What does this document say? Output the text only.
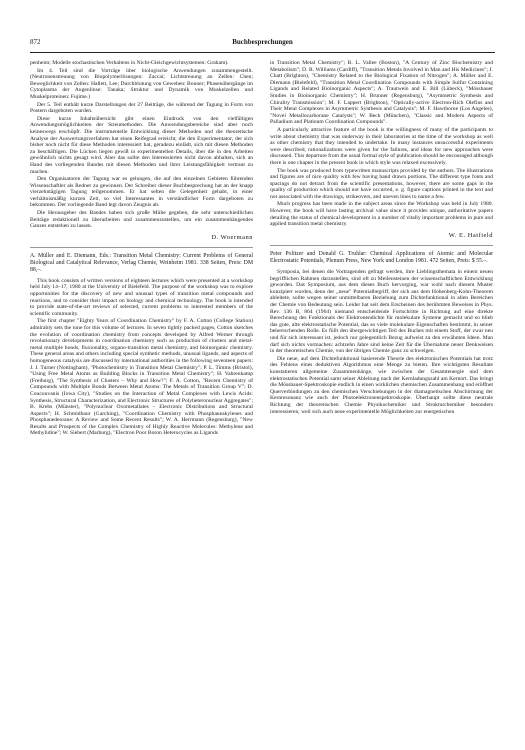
872	Buchbesprechungen

penheim; Modelle stochastischen Verhaltens in Nicht-Gleichgewichtsystemen: Graham).

Im 4. Teil sind die Vorträge über biologische Anwendungen zusammengestellt. (Neutronenstreuung von Biopolymerlösungen: Zaccai; Lichtstreuung an Zellen: Chen; Beweglichkeit von Zellen: Hallett, Lee; Durchblutung von Geweben: Bonner; Phasenübergänge im Cytoplasma der Augenlinse: Tanaka; Struktur und Dynamik von Muskelzellen und Muskelproteinen: Fujime.)

Der 5. Teil enthält kurze Darstellungen der 27 Beiträge, die während der Tagung in Form von Postern dargeboten wurden.

Diese kurze Inhaltsübersicht gibt einen Eindruck von den vielfältigen Anwendungsmöglichkeiten der Streumethoden. Die Anwendungsbereiche sind aber noch keineswegs erschöpft. Die instrumentelle Entwicklung dieser Methoden und die theoretische Analyse der Auswertungsverfahren hat einen Reifegrad erreicht, die den Experimentator, der sich bisher noch nicht für diese Methoden interessiert hat, geradezu einlädt, sich mit diesen Methoden zu beschäftigen. Die Lücken liegen gewiß in experimentellen Details, über die in den Arbeiten gewöhnlich nichts gesagt wird. Aber das sollte den Interessierten nicht davon abhalten, sich an Hand des vorliegenden Bandes mit diesen Methoden und ihrer Leistungsfähigkeit vertraut zu machen.

Den Organisatoren der Tagung war es gelungen, die auf den einzelnen Gebieten führenden Wissenschaftler als Redner zu gewinnen. Der Schreiber dieser Buchbesprechung hat an der knapp vierzehntägigen Tagung teilgenommen. Er hat selten die Gelegenheit gehabt, in einer verhältnismäßig kurzen Zeit, so viel Interessantes in verständlicher Form dargeboten zu bekommen. Der vorliegende Band legt davon Zeugnis ab.

Die Herausgeber des Bandes haben sich große Mühe gegeben, die sehr unterschiedlichen Beiträge redaktionell zu überarbeiten und zusammenzustellen, um ein zusammenhängendes Ganzes entstehen zu lassen.

D. Woermann
A. Müller and E. Diemann, Eds.: Transition Metal Chemistry: Current Problems of General Biological and Catalytical Relevance, Verlag Chemie, Weinheim 1981. 338 Seiten, Preis: DM 88,–.

This book consists of written versions of eighteen lectures which were presented at a workshop held July 14–17, 1980 at the University of Bielefeld. The purpose of the workshop was to explore opportunities for the discovery of new and unusual types of transition metal compounds and reactions, and to consider their impact on biology and chemical technology. The book is intended to provide state-of-the-art reviews of selected, current problems to interested members of the scientific community.

The first chapter "Eighty Years of Coordination Chemistry" by F. A. Cotton (College Station) admirably sets the tone for this volume of lectures. In seven tightly packed pages, Cotton sketches the evolution of coordination chemistry from concepts developed by Alfred Werner through revolutionary developments in coordination chemistry such as production of clusters and metal-metal multiple bonds, fluxionality, organo-transition metal chemistry, and bioinorganic chemistry. These general areas and others including special synthetic methods, unusual ligands, and aspects of homogeneous catalysis are discussed by international authorities in the following seventeen papers: J. J. Turner (Nottingham), "Photochemistry in Transition Metal Chemistry"; P. L. Timms (Bristol), "Using Free Metal Atoms as Building Blocks in Transition Metal Chemistry"; H. Vahrenkamp (Freiburg), "The Synthesis of Clusters – Why and How?"; F. A. Cotton, "Recent Chemistry of Compounds with Multiple Bonds Between Metal Atoms: The Metals of Transition Group V"; D. Coucouvanis (Iowa City), "Studies on the Interaction of Metal Complexes with Lewis Acids: Synthesis, Structural Characterization, and Electronic Structures of Polyheteronuclear Aggregates"; B. Krebs (Münster), "Polynuclear Oxometallates – Electronic Distributions and Structural Aspects"; H. Schmidbaur (Garching), "Coordination Chemistry with Phosphaneakylenes and Phosphanedeorane: A Review and Some Recent Results"; W. A. Herrmann (Regensburg), "New Results and Prospects of the Complex Chemistry of Highly Reactive Molecules: Methylene and Methylidine"; W. Siebert (Marburg), "Electron Poor Boron Heterocycles as Ligands

in Transition Metal Chemistry"; B. L. Vallee (Boston), "A Century of Zinc Biochemistry and Metabolism"; D. R. Williams (Cardiff), "Transition Metals Involved in Man and His Medicines"; J. Chatt (Brighton), "Chemistry Related to the Biological Fixation of Nitrogen"; A. Müller and E. Diemann (Bielefeld), "Transition Metal Coordination Compounds with Simple Sulfur Containing Ligands and Related Bioinorganic Aspects"; A. Trautwein and E. Bill (Lübeck), "Mössbauer Studies in Bioinorganic Chemistry"; H. Brunner (Regensburg), "Asymmetric Synthesis and Chirality Transmission"; M. F. Lappert (Brighton), "Optically-active Electron-Rich Olefins and Their Metal Complexes in Asymmetric Synthesis and Catalysis"; M. F. Hawthorne (Los Angeles), "Novel Metallocarborane Catalysts"; W. Beck (München), "Classic and Modern Aspects of Palladium and Platinum Coordination Compounds".

A particularly attractive feature of the book is the willingness of many of the participants to write about chemistry that was underway in their laboratories at the time of the workshop as well as other chemistry that they intended to undertake. In many instances unsuccessful experiments were described, rationalizations were given for the failures, and ideas for new approaches were discussed. This departure from the usual formal style of publication should be encouraged although there is one chapter in the present book in which style was relaxed excessively.

The book was produced from typewritten manuscripts provided by the authors. The illustrations and figures are of nice quality with few having hand drawn portions. The different type fonts and spacings do not detract from the scientific presentations, however, there are some gaps in the quality of production which should not have occurred, e. g. figure captions printed in the text and not associated with the drawings, strikeovers, and uneven lines to name a few.

Much progress has been made in the subject areas since the Workshop was held in July 1980. However, the book will have lasting archival value since it provides unique, authoritative papers detailing the status of chemical development in a number of vitally important problems in pure and applied transition metal chemistry.

W. E. Hatfield
Peter Politzer and Donald G. Truhlar: Chemical Applications of Atomic and Molecular Electrostatic Potentials, Plenum Press, New York und London 1981. 472 Seiten, Preis: $ 55.–.

Symposia, bei denen die Vortragenden gefragt werden, ihre Lieblingsthemata in einem neuen begrifflichen Rahmen darzustellen, sind oft zu Meilensteinen der wissenschaftlichen Entwicklung geworden. Das Symposium, aus dem dieses Buch hervorging, war wohl nach diesem Muster konzipiert worden, denn der „neue" Potentialbegriff, der sich aus dem Hohenberg-Kohn-Theorem ableitete, sollte wegen seiner unmittelbaren Beziehung zum Dichtefunktional in allen Bereichen der Chemie von Bedeutung sein. Leider hat seit dem Erscheinen des berühmten Beweises in Phys. Rev. 136 B, 864 (1964) niemand entscheidende Fortschritte in Richtung auf eine direkte Berechnung des Funktionals der Elektronendichte für molekulare Systeme gemacht und so blieb das gute, alte elektrostatische Potential, das so viele molekulare Eigenschaften bestimmt, in seiner beherrschenden Rolle. Es füllt den übergewichtigen Teil des Buches mit einem Stoff, der zwar neu und für sich interessant ist, jedoch nur gelegentlich Bezug aufweist zu den erwähnten Ideen. Man darf sich nichts vormachen: achtzehn Jahre sind keine Zeit für die Übernahme neuer Denkweisen in der theoretischen Chemie, von der übrigen Chemie ganz zu schweigen.

Die neue, auf dem Dichtefunktional basierende Theorie des elektronischen Potentials hat trotz des Fehlens eines deduktiven Algorithmus eine Menge zu bieten. Ihre wichtigsten Resultate konstatieren allgemeine Zusammenhänge, wie zwischen der Gesamtenergie und dem elektrostatischen Potential samt seiner Ableitung nach der Kernladungszahl am Kernort. Das bringt die Mössbauer-Spektroskopie endlich in einen wirklichen chemischen Zusammenhang und eröffnet Querverbindungen zu den chemischen Verschiebungen in der diamagnetischen Abschirmung der Kernresonanz wie auch der Photoelektronenspektroskopie. Überhaupt sollte diese neutrale Richtung der theoretischen Chemie Physikochemiker und Strukturchemiker besonders interessieren, weil sich auch neue experimentelle Möglichkeiten zur energetischen
